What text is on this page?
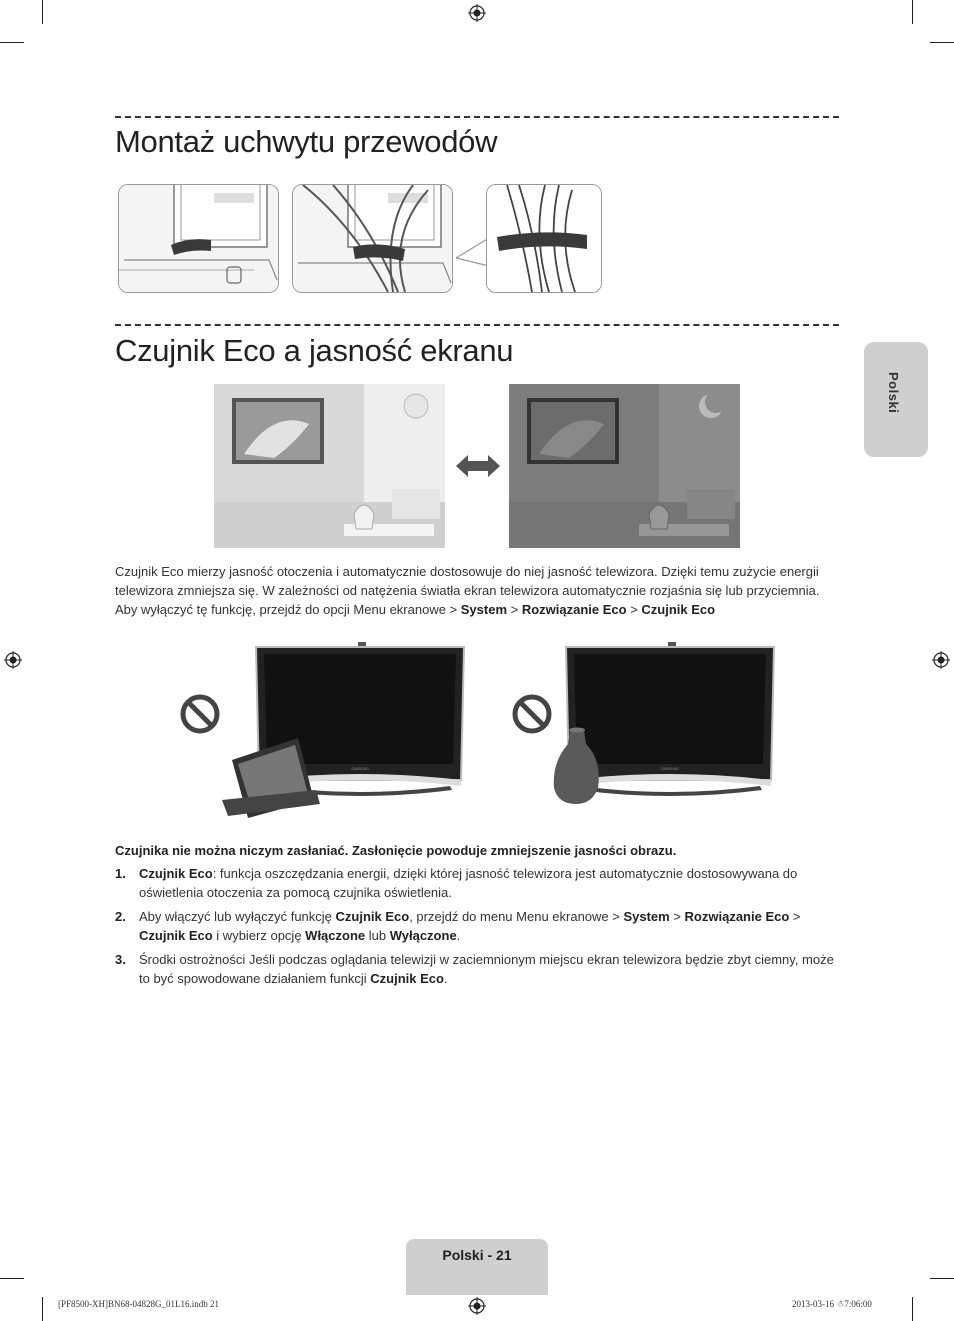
Montaż uchwytu przewodów
Czujnik Eco a jasność ekranu

Czujnik Eco mierzy jasność otoczenia i automatycznie dostosowuje do niej jasność telewizora. Dzięki temu zużycie energii telewizora zmniejsza się. W zależności od natężenia światła ekran telewizora automatycznie rozjaśnia się lub przyciemnia. Aby wyłączyć tę funkcję, przejdź do opcji Menu ekranowe > System > Rozwiązanie Eco > Czujnik Eco

SAMSUNG	SAMSUNG

Czujnika nie można niczym zasłaniać. Zasłonięcie powoduje zmniejszenie jasności obrazu.

1. Czujnik Eco: funkcja oszczędzania energii, dzięki której jasność telewizora jest automatycznie dostosowywana do oświetlenia otoczenia za pomocą czujnika oświetlenia.
2. Aby włączyć lub wyłączyć funkcję Czujnik Eco, przejdź do menu Menu ekranowe > System > Rozwiązanie Eco > Czujnik Eco i wybierz opcję Włączone lub Wyłączone.
3. Środki ostrożności Jeśli podczas oglądania telewizji w zaciemnionym miejscu ekran telewizora będzie zbyt ciemny, może to być spowodowane działaniem funkcji Czujnik Eco.
Polski
Polski - 21
[PF8500-XH]BN68-04828G_01L16.indb 21	2013-03-16 ☃7:06:00
